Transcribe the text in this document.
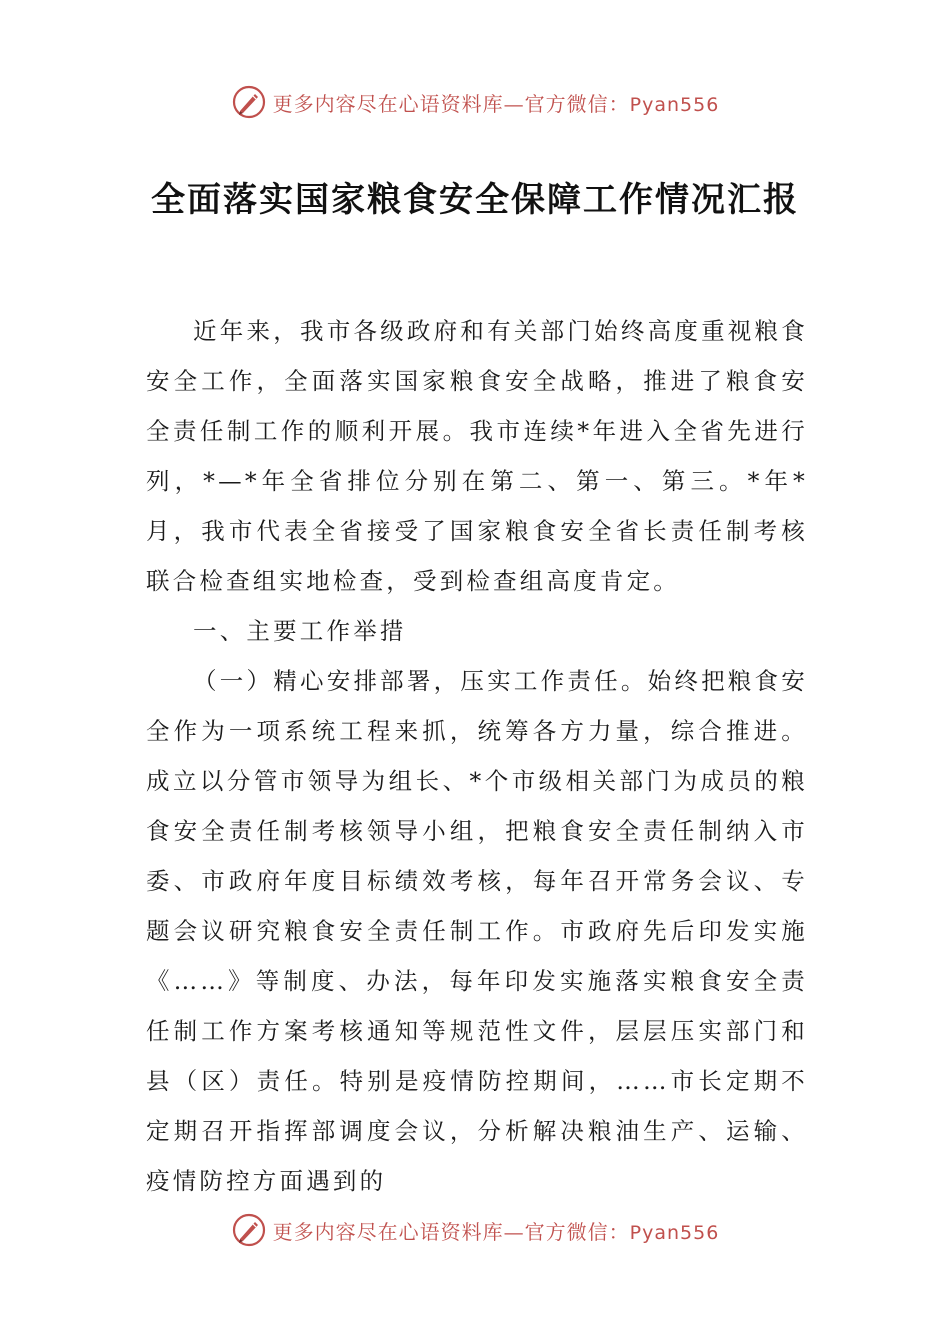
更多内容尽在心语资料库—官方微信：Pyan556
全面落实国家粮食安全保障工作情况汇报

近年来，我市各级政府和有关部门始终高度重视粮食安全工作，全面落实国家粮食安全战略，推进了粮食安全责任制工作的顺利开展。我市连续*年进入全省先进行列，*—*年全省排位分别在第二、第一、第三。*年*月，我市代表全省接受了国家粮食安全省长责任制考核联合检查组实地检查，受到检查组高度肯定。

一、主要工作举措

（一）精心安排部署，压实工作责任。始终把粮食安全作为一项系统工程来抓，统筹各方力量，综合推进。成立以分管市领导为组长、*个市级相关部门为成员的粮食安全责任制考核领导小组，把粮食安全责任制纳入市委、市政府年度目标绩效考核，每年召开常务会议、专题会议研究粮食安全责任制工作。市政府先后印发实施《……》等制度、办法，每年印发实施落实粮食安全责任制工作方案考核通知等规范性文件，层层压实部门和县（区）责任。特别是疫情防控期间，……市长定期不定期召开指挥部调度会议，分析解决粮油生产、运输、疫情防控方面遇到的

更多内容尽在心语资料库—官方微信：Pyan556
